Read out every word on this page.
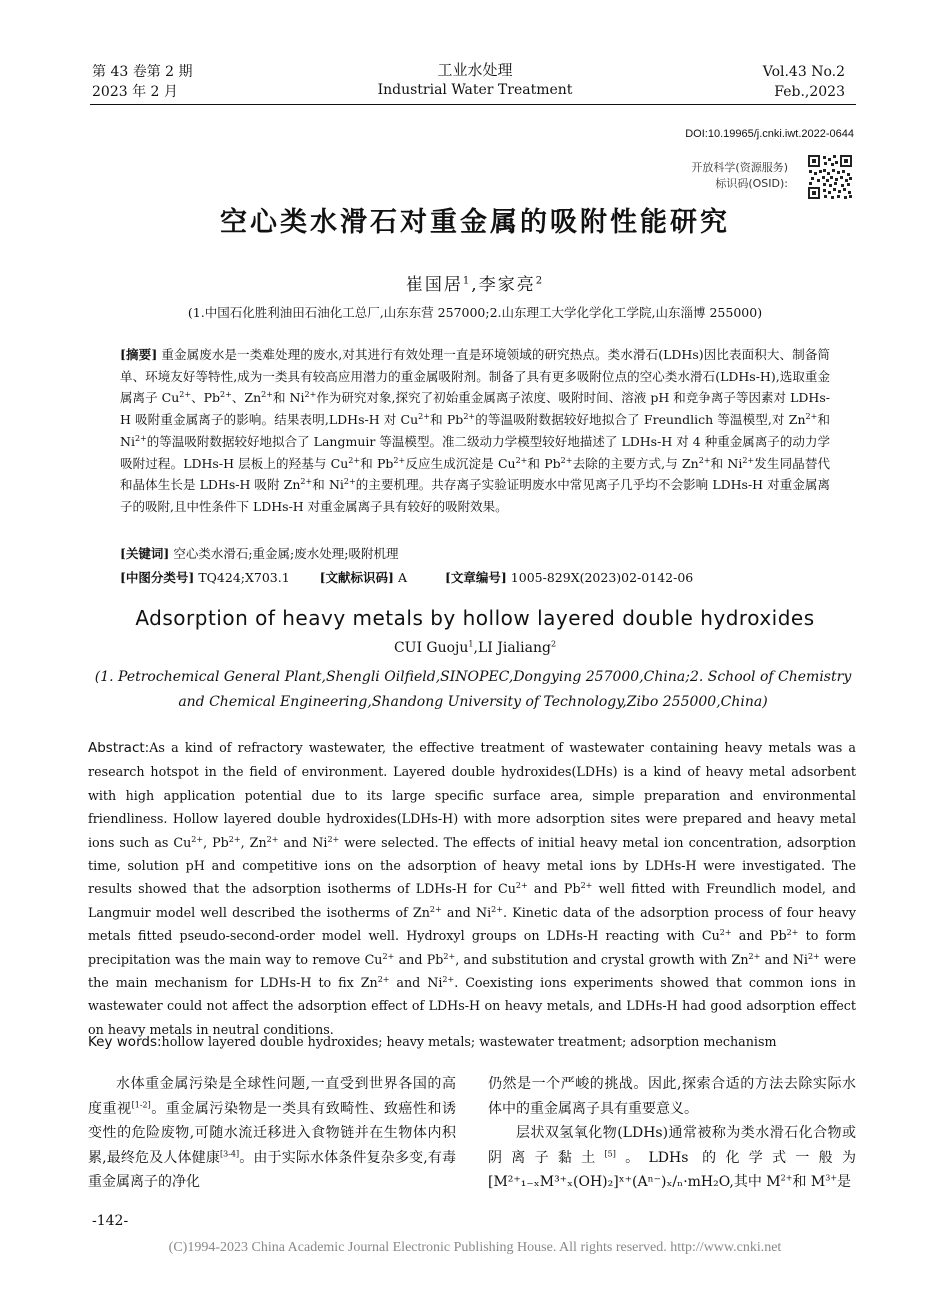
第 43 卷第 2 期
2023 年 2 月
工业水处理
Industrial Water Treatment
Vol.43 No.2
Feb.,2023
DOI:10.19965/j.cnki.iwt.2022-0644
开放科学(资源服务)
标识码(OSID):
空心类水滑石对重金属的吸附性能研究
崔国居$^1$,李家亮$^2$
(1.中国石化胜利油田石油化工总厂,山东东营 257000;2.山东理工大学化学化工学院,山东淄博 255000)

[摘要] 重金属废水是一类难处理的废水,对其进行有效处理一直是环境领域的研究热点。类水滑石(LDHs)因比表面积大、制备简单、环境友好等特性,成为一类具有较高应用潜力的重金属吸附剂。制备了具有更多吸附位点的空心类水滑石(LDHs-H),选取重金属离子 $Cu^{2+}$、$Pb^{2+}$、$Zn^{2+}$和 $Ni^{2+}$作为研究对象,探究了初始重金属离子浓度、吸附时间、溶液 pH 和竞争离子等因素对 LDHs-H 吸附重金属离子的影响。结果表明,LDHs-H 对 $Cu^{2+}$和 $Pb^{2+}$的等温吸附数据较好地拟合了 Freundlich 等温模型,对 $Zn^{2+}$和 $Ni^{2+}$的等温吸附数据较好地拟合了 Langmuir 等温模型。准二级动力学模型较好地描述了 LDHs-H 对 4 种重金属离子的动力学吸附过程。LDHs-H 层板上的羟基与 $Cu^{2+}$和 $Pb^{2+}$反应生成沉淀是 $Cu^{2+}$和 $Pb^{2+}$去除的主要方式,与 $Zn^{2+}$和 $Ni^{2+}$发生同晶替代和晶体生长是 LDHs-H 吸附 $Zn^{2+}$和 $Ni^{2+}$的主要机理。共存离子实验证明废水中常见离子几乎均不会影响 LDHs-H 对重金属离子的吸附,且中性条件下 LDHs-H 对重金属离子具有较好的吸附效果。

[关键词] 空心类水滑石;重金属;废水处理;吸附机理
[中图分类号] TQ424;X703.1 [文献标识码] A	[文章编号] 1005-829X(2023)02-0142-06
Adsorption of heavy metals by hollow layered double hydroxides
CUI Guoju$^1$,LI Jialiang$^2$
(1. Petrochemical General Plant,Shengli Oilfield,SINOPEC,Dongying 257000,China;2. School of Chemistry
and Chemical Engineering,Shandong University of Technology,Zibo 255000,China)

Abstract:As a kind of refractory wastewater, the effective treatment of wastewater containing heavy metals was a research hotspot in the field of environment. Layered double hydroxides(LDHs) is a kind of heavy metal adsorbent with high application potential due to its large specific surface area, simple preparation and environmental friendliness. Hollow layered double hydroxides(LDHs-H) with more adsorption sites were prepared and heavy metal ions such as $Cu^{2+}$, $Pb^{2+}$, $Zn^{2+}$ and $Ni^{2+}$ were selected. The effects of initial heavy metal ion concentration, adsorption time, solution pH and competitive ions on the adsorption of heavy metal ions by LDHs-H were investigated. The results showed that the adsorption isotherms of LDHs-H for $Cu^{2+}$ and $Pb^{2+}$ well fitted with Freundlich model, and Langmuir model well described the isotherms of $Zn^{2+}$ and $Ni^{2+}$. Kinetic data of the adsorption process of four heavy metals fitted pseudo-second-order model well. Hydroxyl groups on LDHs-H reacting with $Cu^{2+}$ and $Pb^{2+}$ to form precipitation was the main way to remove $Cu^{2+}$ and $Pb^{2+}$, and substitution and crystal growth with $Zn^{2+}$ and $Ni^{2+}$ were the main mechanism for LDHs-H to fix $Zn^{2+}$ and $Ni^{2+}$. Coexisting ions experiments showed that common ions in wastewater could not affect the adsorption effect of LDHs-H on heavy metals, and LDHs-H had good adsorption effect on heavy metals in neutral conditions.

Key words:hollow layered double hydroxides; heavy metals; wastewater treatment; adsorption mechanism

水体重金属污染是全球性问题,一直受到世界各国的高度重视[1-2]。重金属污染物是一类具有致畸性、致癌性和诱变性的危险废物,可随水流迁移进入食物链并在生物体内积累,最终危及人体健康[3-4]。由于实际水体条件复杂多变,有毒重金属离子的净化

仍然是一个严峻的挑战。因此,探索合适的方法去除实际水体中的重金属离子具有重要意义。

层状双氢氧化物(LDHs)通常被称为类水滑石化合物或阴离子黏土[5]。LDHs 的化学式一般为[M²⁺₁₋ₓM³⁺ₓ(OH)₂]ˣ⁺(Aⁿ⁻)ₓ/ₙ·mH₂O,其中 $M^{2+}$和 $M^{3+}$是

-142-
(C)1994-2023 China Academic Journal Electronic Publishing House. All rights reserved. http://www.cnki.net
